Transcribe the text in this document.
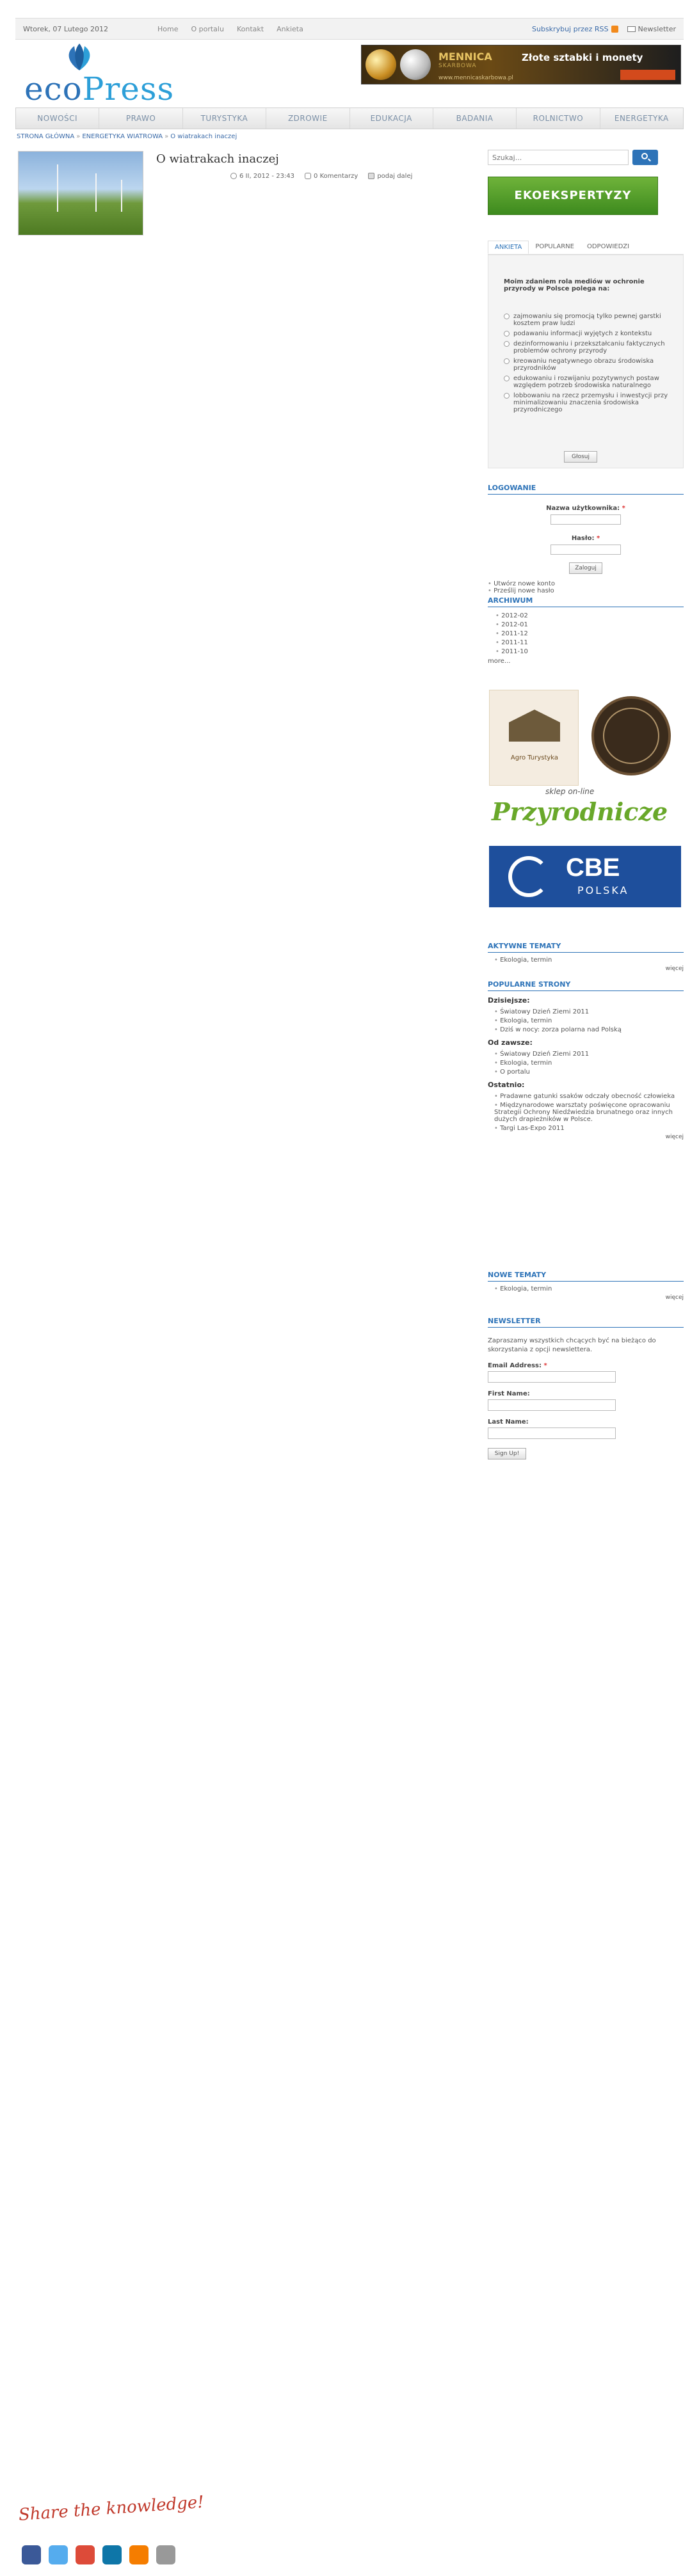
Wtorek, 07 Lutego 2012	Home O portalu Kontakt Ankieta	Subskrybuj przez RSS	Newsletter
ecoPress
MENNICA
SKARBOWA
Złote sztabki i monety
www.mennicaskarbowa.pl
NOWOŚCI	PRAWO	TURYSTYKA	ZDROWIE	EDUKACJA	BADANIA	ROLNICTWO	ENERGETYKA
STRONA GŁÓWNA » ENERGETYKA WIATROWA » O wiatrakach inaczej
O wiatrakach inaczej
6 II, 2012 - 23:43	0 Komentarzy	podaj dalej
Share the knowledge!
Szukaj...
EKOEKSPERTYZY
ANKIETA	POPULARNE	ODPOWIEDZI
Moim zdaniem rola mediów w ochronie przyrody w Polsce polega na:
zajmowaniu się promocją tylko pewnej garstki kosztem praw ludzi
podawaniu informacji wyjętych z kontekstu
dezinformowaniu i przekształcaniu faktycznych problemów ochrony przyrody
kreowaniu negatywnego obrazu środowiska przyrodników
edukowaniu i rozwijaniu pozytywnych postaw względem potrzeb środowiska naturalnego
lobbowaniu na rzecz przemysłu i inwestycji przy minimalizowaniu znaczenia środowiska przyrodniczego
Głosuj
LOGOWANIE
Nazwa użytkownika: *
Hasło: *
Zaloguj
• Utwórz nowe konto
• Prześlij nowe hasło
ARCHIWUM
• 2012-02
• 2012-01
• 2011-12
• 2011-11
• 2011-10
more...
Agro Turystyka
sklep on-line
Przyrodnicze
CBE
POLSKA
AKTYWNE TEMATY
• Ekologia, termin
więcej
POPULARNE STRONY
Dzisiejsze:
• Światowy Dzień Ziemi 2011
• Ekologia, termin
• Dziś w nocy: zorza polarna nad Polską
Od zawsze:
• Światowy Dzień Ziemi 2011
• Ekologia, termin
• O portalu
Ostatnio:
• Pradawne gatunki ssaków odczały obecność człowieka
• Międzynarodowe warsztaty poświęcone opracowaniu Strategii Ochrony Niedźwiedzia brunatnego oraz innych dużych drapieżników w Polsce.
• Targi Las-Expo 2011
więcej
NOWE TEMATY
• Ekologia, termin
więcej
NEWSLETTER
Zapraszamy wszystkich chcących być na bieżąco do skorzystania z opcji newslettera.
Email Address: *
First Name:
Last Name:
Sign Up!
